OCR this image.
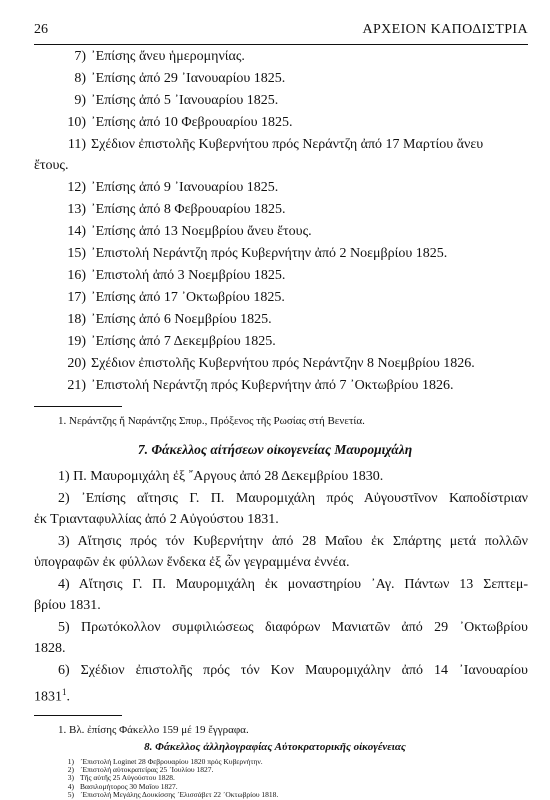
26	ΑΡΧΕΙΟΝ ΚΑΠΟΔΙΣΤΡΙΑ
7) ᾿Επίσης ἄνευ ἡμερομηνίας.
8) ᾿Επίσης ἀπό 29 ᾿Ιανουαρίου 1825.
9) ᾿Επίσης ἀπό 5 ᾿Ιανουαρίου 1825.
10) ᾿Επίσης ἀπό 10 Φεβρουαρίου 1825.
11) Σχέδιον ἐπιστολῆς Κυβερνήτου πρός Νεράντζη ἀπό 17 Μαρτίου ἄνευ
ἔτους.
12) ᾿Επίσης ἀπό 9 ᾿Ιανουαρίου 1825.
13) ᾿Επίσης ἀπό 8 Φεβρουαρίου 1825.
14) ᾿Επίσης ἀπό 13 Νοεμβρίου ἄνευ ἔτους.
15) ᾿Επιστολή Νεράντζη πρός Κυβερνήτην ἀπό 2 Νοεμβρίου 1825.
16) ᾿Επιστολή ἀπό 3 Νοεμβρίου 1825.
17) ᾿Επίσης ἀπό 17 ᾿Οκτωβρίου 1825.
18) ᾿Επίσης ἀπό 6 Νοεμβρίου 1825.
19) ᾿Επίσης ἀπό 7 Δεκεμβρίου 1825.
20) Σχέδιον ἐπιστολῆς Κυβερνήτου πρός Νεράντζην 8 Νοεμβρίου 1826.
21) ᾿Επιστολή Νεράντζη πρός Κυβερνήτην ἀπό 7 ᾿Οκτωβρίου 1826.
1. Νεράντζης ἤ Ναράντζης Σπυρ., Πρόξενος τῆς Ρωσίας στή Βενετία.
7. Φάκελλος αἰτήσεων οἰκογενείας Μαυρομιχάλη
1) Π. Μαυρομιχάλη ἐξ ῎Αργους ἀπό 28 Δεκεμβρίου 1830.
2) ᾿Επίσης αἴτησις Γ. Π. Μαυρομιχάλη πρός Αὐγουστῖνον Καποδίστριαν
ἐκ Τριανταφυλλίας ἀπό 2 Αὐγούστου 1831.
3) Αἴτησις πρός τόν Κυβερνήτην ἀπό 28 Μαΐου ἐκ Σπάρτης μετά πολλῶν
ὑπογραφῶν ἐκ φύλλων ἕνδεκα ἐξ ὧν γεγραμμένα ἐννέα.
4) Αἴτησις Γ. Π. Μαυρομιχάλη ἐκ μοναστηρίου ᾿Αγ. Πάντων 13 Σεπτεμ-
βρίου 1831.
5) Πρωτόκολλον συμφιλιώσεως διαφόρων Μανιατῶν ἀπό 29 ᾿Οκτωβρίου
1828.
6) Σχέδιον ἐπιστολῆς πρός τόν Κον Μαυρομιχάλην ἀπό 14 ᾿Ιανουαρίου
1831$^1$.
1. Βλ. ἐπίσης Φάκελλο 159 μέ 19 ἔγγραφα.
8. Φάκελλος ἀλληλογραφίας Αὐτοκρατορικῆς οἰκογένειας
1) ᾿Επιστολή Loginet 28 Φεβρουαρίου 1820 πρός Κυβερνήτην.
2) ᾿Επιστολή αὐτοκρατείρας 25 ᾿Ιουλίου 1827.
3) Τῆς αὐτῆς 25 Αὐγούστου 1828.
4) Βασιλομήτορος 30 Μαΐου 1827.
5) ᾿Επιστολή Μεγάλης Δουκίσσης ᾿Ελισσάβετ 22 ᾿Οκτωβρίου 1818.
